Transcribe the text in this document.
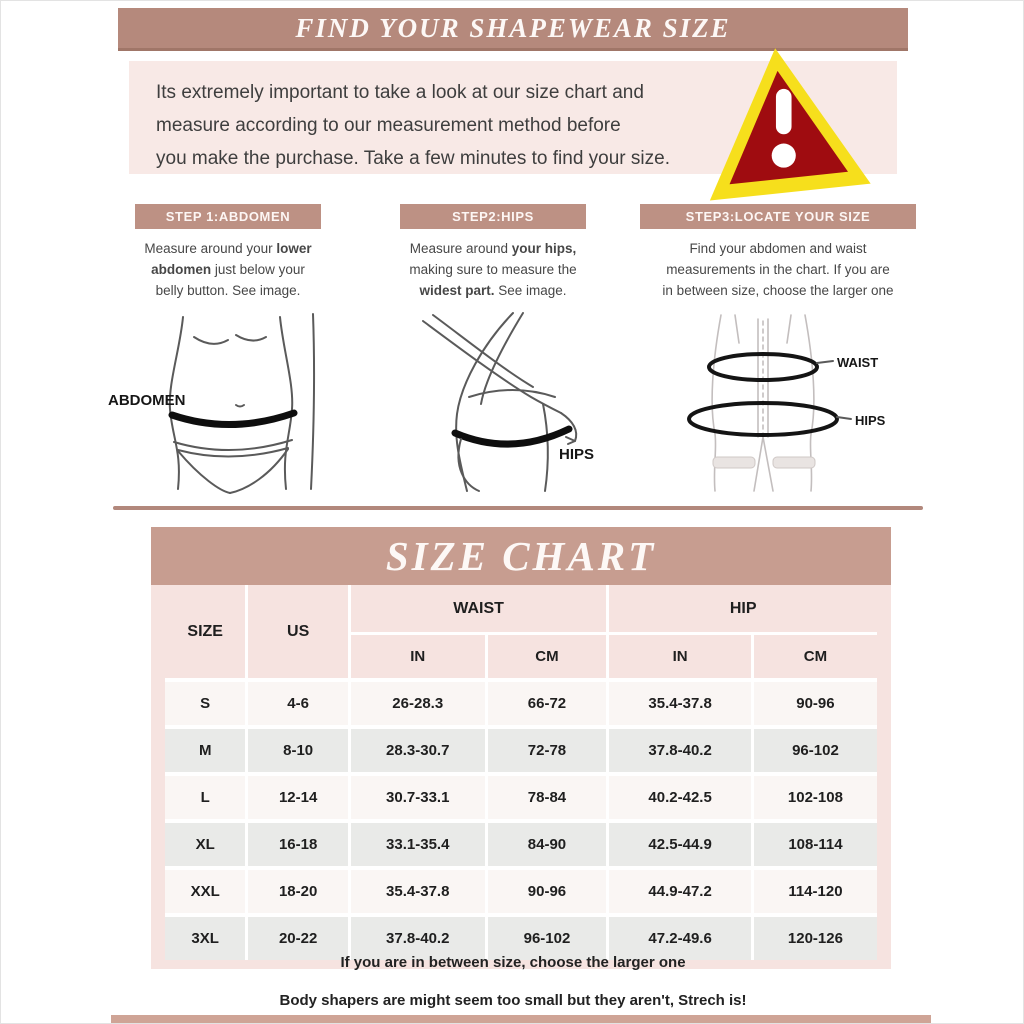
FIND YOUR SHAPEWEAR SIZE
Its extremely important to take a look at our size chart and
measure according to our measurement method before
you make the purchase. Take a few minutes to find your size.
STEP 1:ABDOMEN
Measure around your lower
abdomen just below your
belly button. See image.
ABDOMEN
STEP2:HIPS
Measure around your hips,
making sure to measure the
widest part. See image.
HIPS
STEP3:LOCATE YOUR SIZE
Find your abdomen and waist
measurements in the chart. If you are
in between size, choose the larger one
WAIST
HIPS
SIZE CHART
SIZE	US	WAIST		HIP	
		IN	CM	IN	CM
S	4-6	26-28.3	66-72	35.4-37.8	90-96
M	8-10	28.3-30.7	72-78	37.8-40.2	96-102
L	12-14	30.7-33.1	78-84	40.2-42.5	102-108
XL	16-18	33.1-35.4	84-90	42.5-44.9	108-114
XXL	18-20	35.4-37.8	90-96	44.9-47.2	114-120
3XL	20-22	37.8-40.2	96-102	47.2-49.6	120-126
If you are in between size, choose the larger one
Body shapers are might seem too small but they aren't, Strech is!
